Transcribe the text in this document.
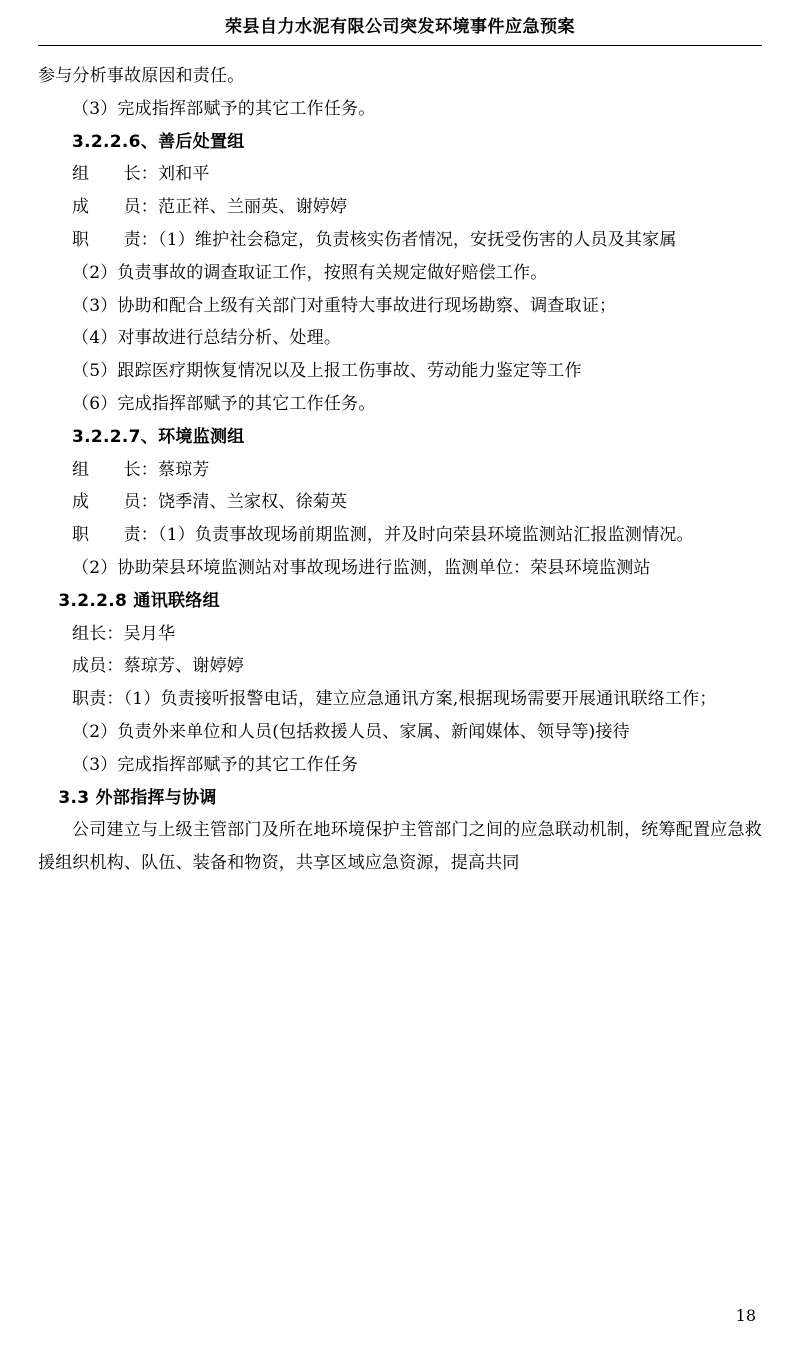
荣县自力水泥有限公司突发环境事件应急预案

参与分析事故原因和责任。

（3）完成指挥部赋予的其它工作任务。

3.2.2.6、善后处置组

组　　长：刘和平

成　　员：范正祥、兰丽英、谢婷婷

职　　责：（1）维护社会稳定，负责核实伤者情况，安抚受伤害的人员及其家属

（2）负责事故的调查取证工作，按照有关规定做好赔偿工作。

（3）协助和配合上级有关部门对重特大事故进行现场勘察、调查取证；

（4）对事故进行总结分析、处理。

（5）跟踪医疗期恢复情况以及上报工伤事故、劳动能力鉴定等工作

（6）完成指挥部赋予的其它工作任务。

3.2.2.7、环境监测组

组　　长：蔡琼芳

成　　员：饶季清、兰家权、徐菊英

职　　责：（1）负责事故现场前期监测，并及时向荣县环境监测站汇报监测情况。

（2）协助荣县环境监测站对事故现场进行监测，监测单位：荣县环境监测站

3.2.2.8 通讯联络组

组长：吴月华

成员：蔡琼芳、谢婷婷

职责：（1）负责接听报警电话，建立应急通讯方案,根据现场需要开展通讯联络工作；

（2）负责外来单位和人员(包括救援人员、家属、新闻媒体、领导等)接待

（3）完成指挥部赋予的其它工作任务

3.3 外部指挥与协调

公司建立与上级主管部门及所在地环境保护主管部门之间的应急联动机制，统筹配置应急救援组织机构、队伍、装备和物资，共享区域应急资源，提高共同

18
